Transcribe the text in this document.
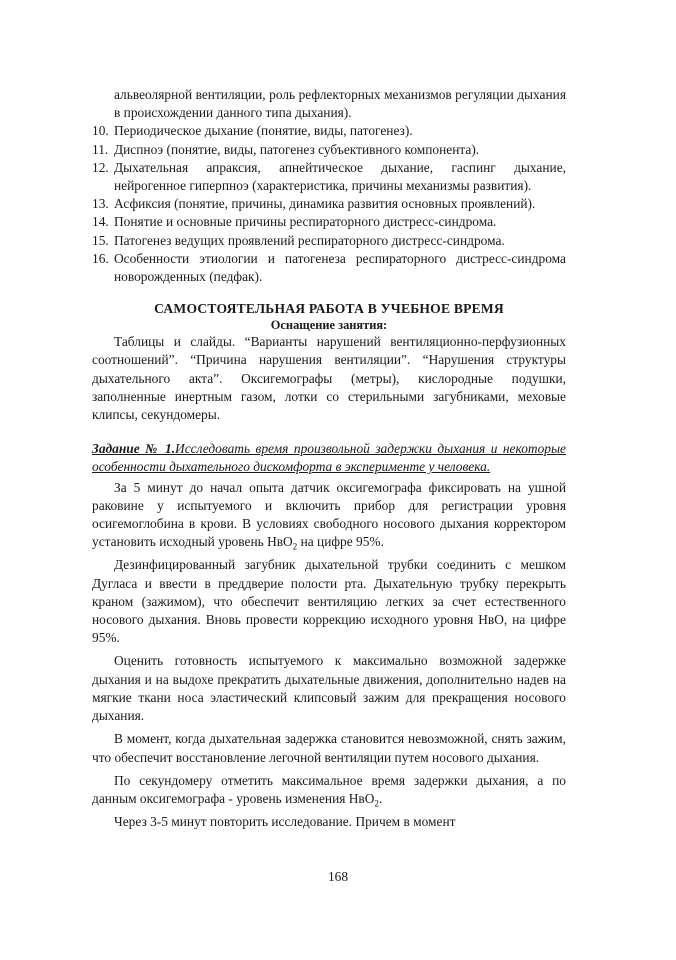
альвеолярной вентиляции, роль рефлекторных механизмов регуляции дыхания в происхождении данного типа дыхания).
10. Периодическое дыхание (понятие, виды, патогенез).
11. Диспноэ (понятие, виды, патогенез субъективного компонента).
12. Дыхательная апраксия, апнейтическое дыхание, гаспинг дыхание, нейрогенное гиперпноэ (характеристика, причины механизмы развития).
13. Асфиксия (понятие, причины, динамика развития основных проявлений).
14. Понятие и основные причины респираторного дистресс-синдрома.
15. Патогенез ведущих проявлений респираторного дистресс-синдрома.
16. Особенности этиологии и патогенеза респираторного дистресс-синдрома новорожденных (педфак).
САМОСТОЯТЕЛЬНАЯ РАБОТА В УЧЕБНОЕ ВРЕМЯ
Оснащение занятия:

Таблицы и слайды. “Варианты нарушений вентиляционно-перфузионных соотношений”. “Причина нарушения вентиляции”. “Нарушения структуры дыхательного акта”. Оксигемографы (метры), кислородные подушки, заполненные инертным газом, лотки со стерильными загубниками, меховые клипсы, секундомеры.

Задание № 1.Исследовать время произвольной задержки дыхания и некоторые особенности дыхательного дискомфорта в эксперименте у человека.

За 5 минут до начал опыта датчик оксигемографа фиксировать на ушной раковине у испытуемого и включить прибор для регистрации уровня осигемоглобина в крови. В условиях свободного носового дыхания корректором установить исходный уровень НвО$_2$ на цифре 95%.

Дезинфицированный загубник дыхательной трубки соединить с мешком Дугласа и ввести в преддверие полости рта. Дыхательную трубку перекрыть краном (зажимом), что обеспечит вентиляцию легких за счет естественного носового дыхания. Вновь провести коррекцию исходного уровня НвО, на цифре 95%.

Оценить готовность испытуемого к максимально возможной задержке дыхания и на выдохе прекратить дыхательные движения, дополнительно надев на мягкие ткани носа эластический клипсовый зажим для прекращения носового дыхания.

В момент, когда дыхательная задержка становится невозможной, снять зажим, что обеспечит восстановление легочной вентиляции путем носового дыхания.

По секундомеру отметить максимальное время задержки дыхания, а по данным оксигемографа - уровень изменения НвО$_2$.

Через 3-5 минут повторить исследование. Причем в момент

168
